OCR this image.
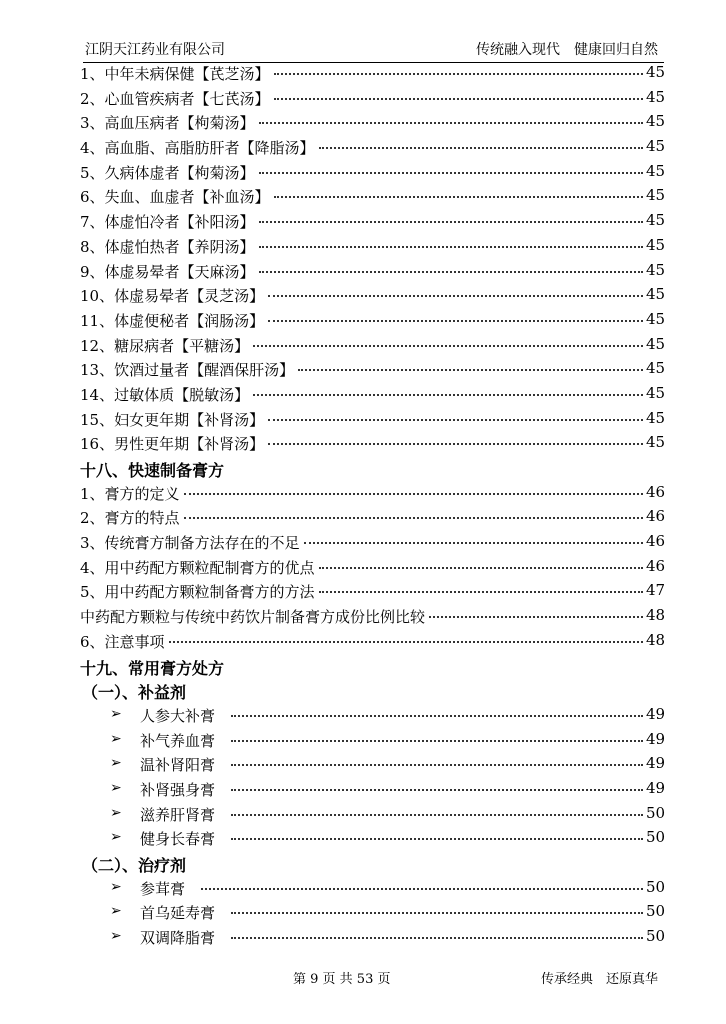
江阴天江药业有限公司	传统融入现代　健康回归自然
1、中年未病保健【芪芝汤】	45
2、心血管疾病者【七芪汤】	45
3、高血压病者【枸菊汤】	45
4、高血脂、高脂肪肝者【降脂汤】	45
5、久病体虚者【枸菊汤】	45
6、失血、血虚者【补血汤】	45
7、体虚怕冷者【补阳汤】	45
8、体虚怕热者【养阴汤】	45
9、体虚易晕者【天麻汤】	45
10、体虚易晕者【灵芝汤】	45
11、体虚便秘者【润肠汤】	45
12、糖尿病者【平糖汤】	45
13、饮酒过量者【醒酒保肝汤】	45
14、过敏体质【脱敏汤】	45
15、妇女更年期【补肾汤】	45
16、男性更年期【补肾汤】	45
十八、快速制备膏方
1、膏方的定义	46
2、膏方的特点	46
3、传统膏方制备方法存在的不足	46
4、用中药配方颗粒配制膏方的优点	46
5、用中药配方颗粒制备膏方的方法	47
中药配方颗粒与传统中药饮片制备膏方成份比例比较	48
6、注意事项	48
十九、常用膏方处方
（一）、补益剂
➢ 人参大补膏	49
➢ 补气养血膏	49
➢ 温补肾阳膏	49
➢ 补肾强身膏	49
➢ 滋养肝肾膏	50
➢ 健身长春膏	50
（二）、治疗剂
➢ 参茸膏	50
➢ 首乌延寿膏	50
➢ 双调降脂膏	50
第 9 页 共 53 页	传承经典　还原真华
